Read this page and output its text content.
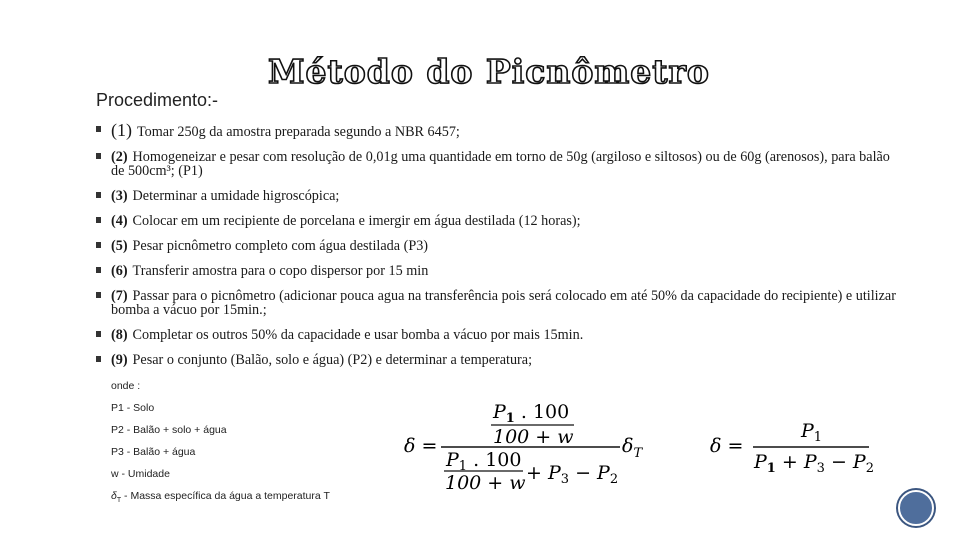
Método do Picnômetro
Procedimento:-
(1) Tomar 250g da amostra preparada segundo a NBR 6457;
(2) Homogeneizar e pesar com resolução de 0,01g uma quantidade em torno de 50g (argiloso e siltosos) ou de 60g (arenosos), para balão de 500cm³; (P1)
(3) Determinar a umidade higroscópica;
(4) Colocar em um recipiente de porcelana e imergir em água destilada (12 horas);
(5) Pesar picnômetro completo com água destilada (P3)
(6) Transferir amostra para o copo dispersor por 15 min
(7) Passar para o picnômetro (adicionar pouca agua na transferência pois será colocado em até 50% da capacidade do recipiente) e utilizar bomba a vácuo por 15min.;
(8) Completar os outros 50% da capacidade e usar bomba a vácuo por mais 15min.
(9) Pesar o conjunto (Balão, solo e água) (P2) e determinar a temperatura;
onde :
P1 - Solo
P2 - Balão + solo + água
P3 - Balão + água
w - Umidade
$\delta_T$ - Massa específica da água a temperatura T
δ =
$P_1$ . 100
100 + w
$P_1$ . 100
$100 + w + P_3 - P_2$
$\delta_T$	δ =
$P_1$
$P_1 + P_3 - P_2$
